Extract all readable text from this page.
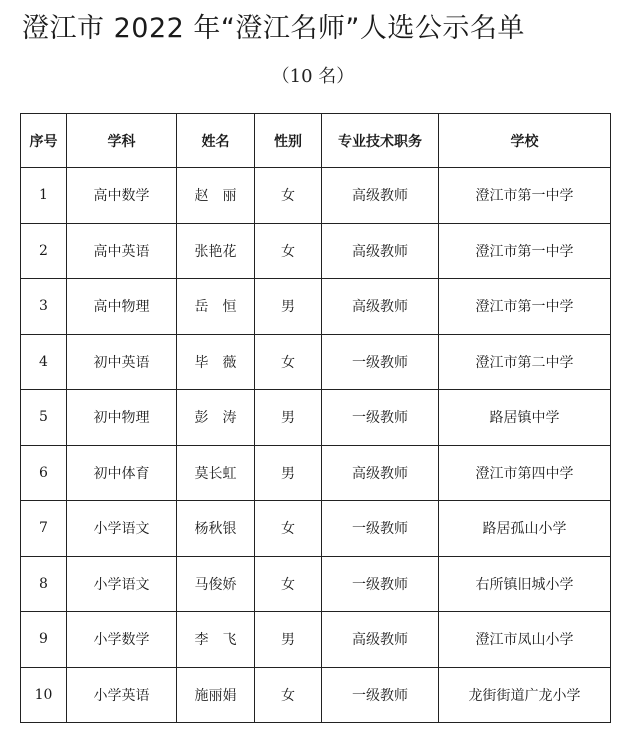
澄江市 2022 年“澄江名师”人选公示名单
（10 名）
序号	学科	姓名	性别	专业技术职务	学校
1	高中数学	赵　丽	女	高级教师	澄江市第一中学
2	高中英语	张艳花	女	高级教师	澄江市第一中学
3	高中物理	岳　恒	男	高级教师	澄江市第一中学
4	初中英语	毕　薇	女	一级教师	澄江市第二中学
5	初中物理	彭　涛	男	一级教师	路居镇中学
6	初中体育	莫长虹	男	高级教师	澄江市第四中学
7	小学语文	杨秋银	女	一级教师	路居孤山小学
8	小学语文	马俊娇	女	一级教师	右所镇旧城小学
9	小学数学	李　飞	男	高级教师	澄江市凤山小学
10	小学英语	施丽娟	女	一级教师	龙街街道广龙小学
